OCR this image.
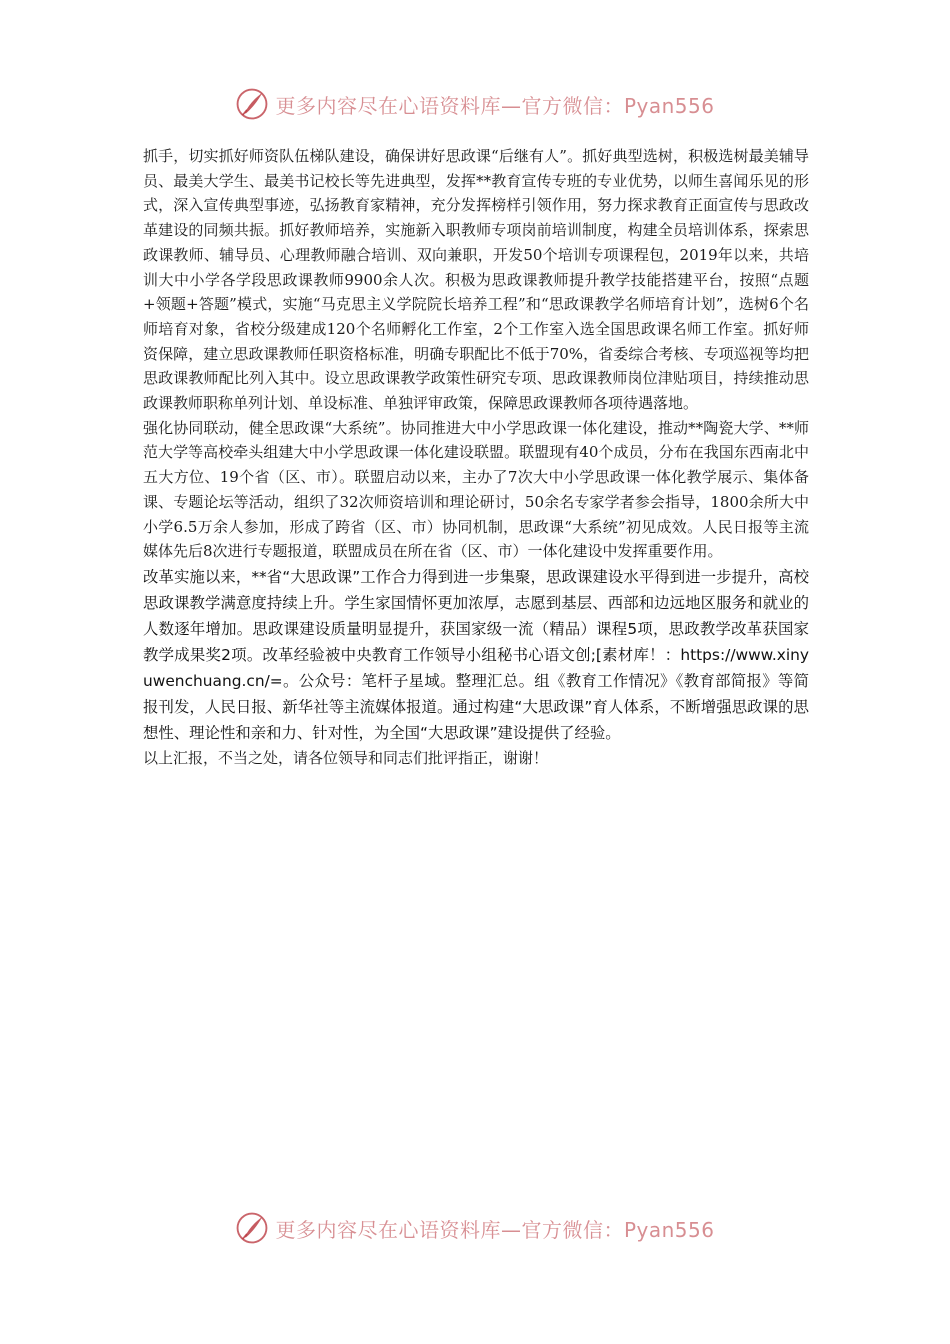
更多内容尽在心语资料库—官方微信：Pyan556

抓手，切实抓好师资队伍梯队建设，确保讲好思政课“后继有人”。抓好典型选树，积极选树最美辅导员、最美大学生、最美书记校长等先进典型，发挥**教育宣传专班的专业优势，以师生喜闻乐见的形式，深入宣传典型事迹，弘扬教育家精神，充分发挥榜样引领作用，努力探求教育正面宣传与思政改革建设的同频共振。抓好教师培养，实施新入职教师专项岗前培训制度，构建全员培训体系，探索思政课教师、辅导员、心理教师融合培训、双向兼职，开发50个培训专项课程包，2019年以来，共培训大中小学各学段思政课教师9900余人次。积极为思政课教师提升教学技能搭建平台，按照“点题+领题+答题”模式，实施“马克思主义学院院长培养工程”和“思政课教学名师培育计划”，选树6个名师培育对象，省校分级建成120个名师孵化工作室，2个工作室入选全国思政课名师工作室。抓好师资保障，建立思政课教师任职资格标准，明确专职配比不低于70%，省委综合考核、专项巡视等均把思政课教师配比列入其中。设立思政课教学政策性研究专项、思政课教师岗位津贴项目，持续推动思政课教师职称单列计划、单设标准、单独评审政策，保障思政课教师各项待遇落地。

强化协同联动，健全思政课“大系统”。协同推进大中小学思政课一体化建设，推动**陶瓷大学、**师范大学等高校牵头组建大中小学思政课一体化建设联盟。联盟现有40个成员，分布在我国东西南北中五大方位、19个省（区、市）。联盟启动以来，主办了7次大中小学思政课一体化教学展示、集体备课、专题论坛等活动，组织了32次师资培训和理论研讨，50余名专家学者参会指导，1800余所大中小学6.5万余人参加，形成了跨省（区、市）协同机制，思政课“大系统”初见成效。人民日报等主流媒体先后8次进行专题报道，联盟成员在所在省（区、市）一体化建设中发挥重要作用。

改革实施以来，**省“大思政课”工作合力得到进一步集聚，思政课建设水平得到进一步提升，高校思政课教学满意度持续上升。学生家国情怀更加浓厚，志愿到基层、西部和边远地区服务和就业的人数逐年增加。思政课建设质量明显提升，获国家级一流（精品）课程5项，思政教学改革获国家教学成果奖2项。改革经验被中央教育工作领导小组秘书心语文创;[素材库！：https://www.xinyuwenchuang.cn/=。公众号：笔杆子星域。整理汇总。组《教育工作情况》《教育部简报》等简报刊发，人民日报、新华社等主流媒体报道。通过构建“大思政课”育人体系，不断增强思政课的思想性、理论性和亲和力、针对性，为全国“大思政课”建设提供了经验。

以上汇报，不当之处，请各位领导和同志们批评指正，谢谢！

更多内容尽在心语资料库—官方微信：Pyan556
